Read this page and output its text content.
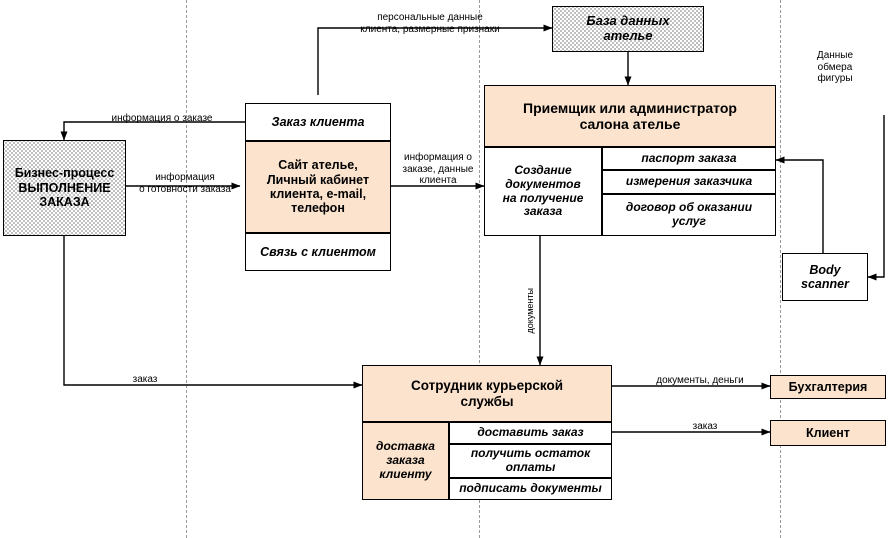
База данных
ателье
Заказ клиента
Сайт ателье,
Личный кабинет
клиента, e-mail,
телефон
Связь с клиентом
Бизнес-процесс
ВЫПОЛНЕНИЕ
ЗАКАЗА
Приемщик или администратор
салона ателье
Создание
документов
на получение
заказа
паспорт заказа
измерения заказчика
договор об оказании
услуг
Body
scanner
Сотрудник курьерской
службы
доставка
заказа
клиенту
доставить заказ
получить остаток
оплаты
подписать документы
Бухгалтерия
Клиент
персональные данные
клиента, размерные признаки
информация о заказе
информация
о готовности заказа
информация о
заказе, данные
клиента
Данные
обмера
фигуры
документы
заказ	документы, деньги
заказ
